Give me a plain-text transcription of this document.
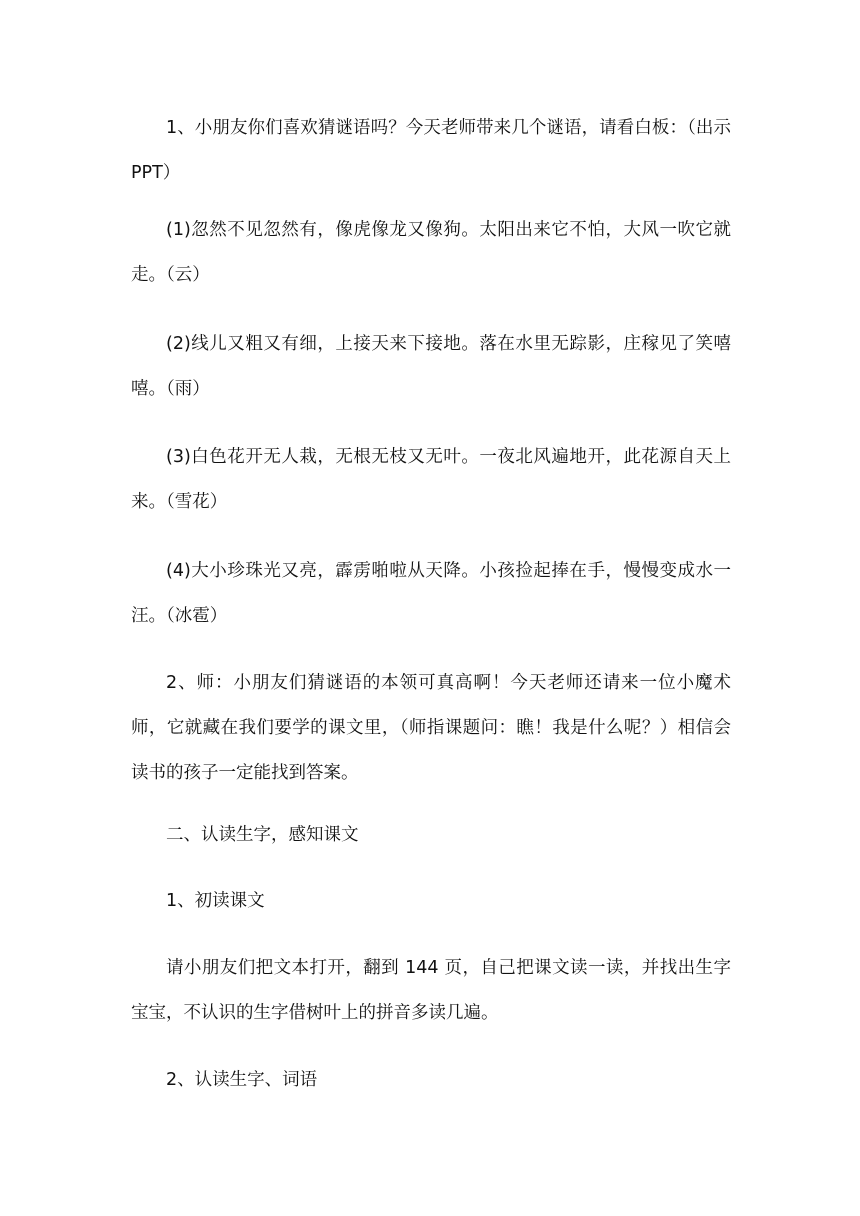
1、小朋友你们喜欢猜谜语吗？今天老师带来几个谜语，请看白板：（出示 PPT）

(1)忽然不见忽然有，像虎像龙又像狗。太阳出来它不怕，大风一吹它就走。（云）

(2)线儿又粗又有细，上接天来下接地。落在水里无踪影，庄稼见了笑嘻嘻。（雨）

(3)白色花开无人栽，无根无枝又无叶。一夜北风遍地开，此花源自天上来。（雪花）

(4)大小珍珠光又亮，霹雳啪啦从天降。小孩捡起捧在手，慢慢变成水一汪。（冰雹）

2、师：小朋友们猜谜语的本领可真高啊！今天老师还请来一位小魔术师，它就藏在我们要学的课文里，（师指课题问：瞧！我是什么呢？）相信会读书的孩子一定能找到答案。

二、认读生字，感知课文

1、初读课文

请小朋友们把文本打开，翻到 144 页，自己把课文读一读，并找出生字宝宝，不认识的生字借树叶上的拼音多读几遍。

2、认读生字、词语
